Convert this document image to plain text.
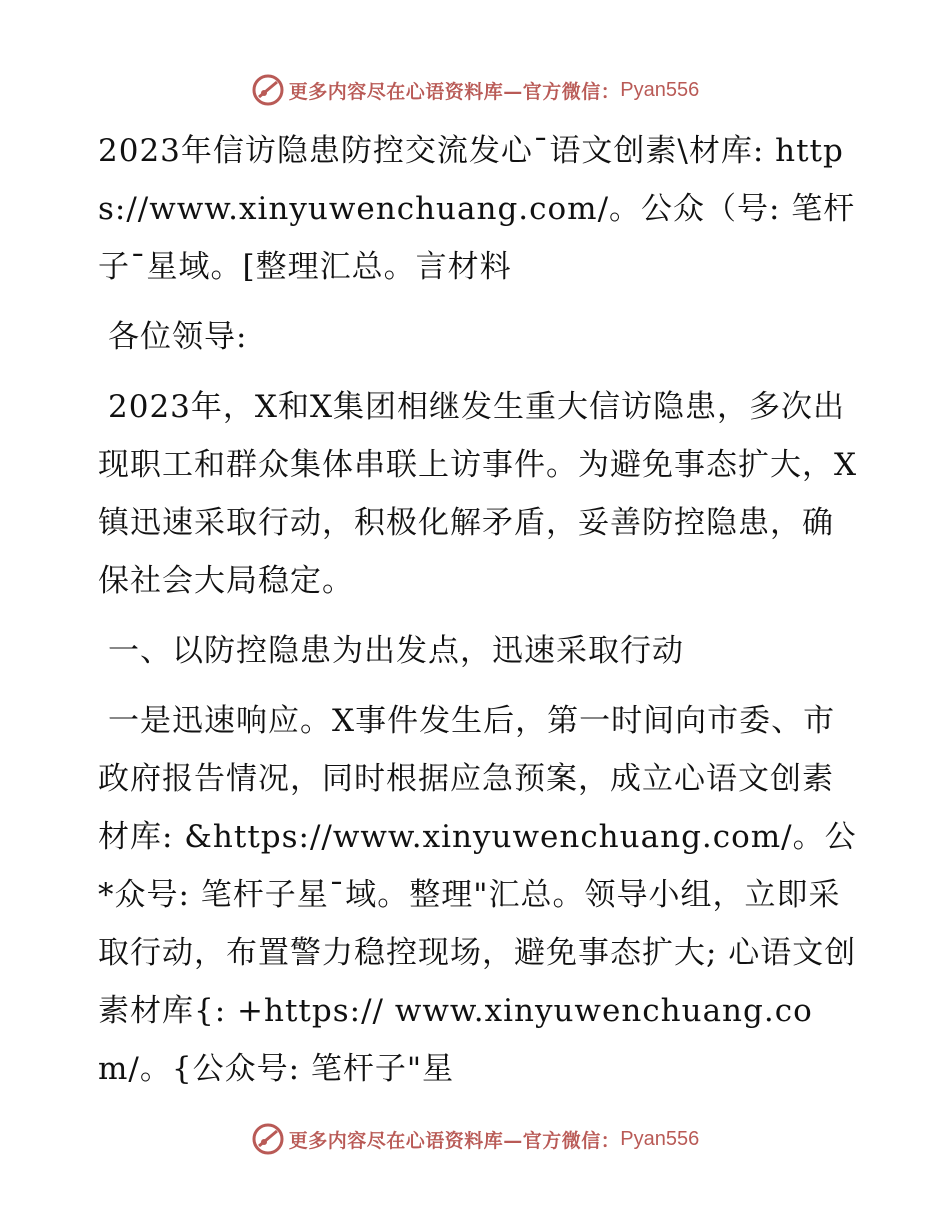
更多内容尽在心语资料库—官方微信： Pyan556

2023年信访隐患防控交流发心¯语文创素\材库: https://www.xinyuwenchuang.com/。公众（号: 笔杆子¯星域。[整理汇总。言材料

各位领导:

2023年，X和X集团相继发生重大信访隐患，多次出现职工和群众集体串联上访事件。为避免事态扩大，X镇迅速采取行动，积极化解矛盾，妥善防控隐患，确保社会大局稳定。

一、以防控隐患为出发点，迅速采取行动

一是迅速响应。X事件发生后，第一时间向市委、市政府报告情况，同时根据应急预案，成立心语文创素材库: &https://www.xinyuwenchuang.com/。公*众号: 笔杆子星¯域。整理"汇总。领导小组，立即采取行动，布置警力稳控现场，避免事态扩大; 心语文创素材库{: +https:// www.xinyuwenchuang.com/。{公众号: 笔杆子"星

更多内容尽在心语资料库—官方微信： Pyan556
